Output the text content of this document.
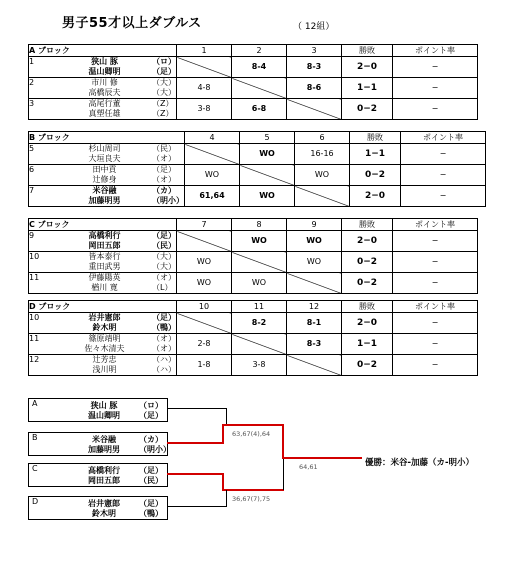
男子55才以上ダブルス	（ 12組）
A ブロック			1	2	3	勝敗	ポイント率
1	狭山 豚	（ロ）		8-4	8-3	2−0	−
	温山卿明	（足）					
2	市川 修	（大）	4-8		8-6	1−1	−
	高橋辰夫	（大）					
3	高尾行董	（Z）	3-8	6-8		0−2	−
	真塑任雄	（Z）					
B ブロック			4	5	6	勝敗	ポイント率
5	杉山周司	（民）		WO	16-16	1−1	−
	大垣良夫	（オ）					
6	田中貢	（足）	WO		WO	0−2	−
	辻修身	（オ）					
7	米谷融	（カ）	61,64	WO		2−0	−
	加藤明男	（明小）					
C ブロック			7	8	9	勝敗	ポイント率
9	高橋利行	（足）		WO	WO	2−0	−
	岡田五郎	（民）					
10	皆本泰行	（大）	WO		WO	0−2	−
	重田武男	（大）					
11	伊藤陽英	（オ）	WO	WO		0−2	−
	楢川 寛	（L）					
D ブロック			10	11	12	勝敗	ポイント率
10	岩井憲郎	（足）		8-2	8-1	2−0	−
	鈴木明	（鴨）					
11	篠原靖明	（オ）	2-8		8-3	1−1	−
	佐々木清夫	（オ）					
12	辻芳忠	（ハ）	1-8	3-8		0−2	−
	浅川明	（ハ）					
A	狭山 豚	（ロ）
温山卿明	（足）
B	米谷融	（カ）
加藤明男	（明小）
C	高橋利行	（足）
岡田五郎	（民）
D	岩井憲郎	（足）
鈴木明	（鴨）
63,67(4),64
36,67(7),75
64,61	優勝：米谷-加藤（カ-明小）
